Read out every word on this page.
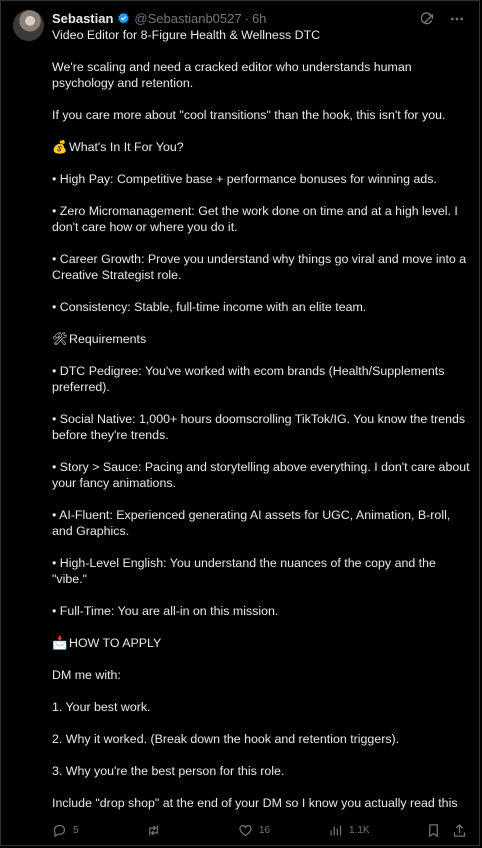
Sebastian @Sebastianb0527 · 6h

Video Editor for 8-Figure Health & Wellness DTC

We're scaling and need a cracked editor who understands human psychology and retention.

If you care more about "cool transitions" than the hook, this isn't for you.

💰 What's In It For You?

• High Pay: Competitive base + performance bonuses for winning ads.

• Zero Micromanagement: Get the work done on time and at a high level. I don't care how or where you do it.

• Career Growth: Prove you understand why things go viral and move into a Creative Strategist role.

• Consistency: Stable, full-time income with an elite team.

🛠Requirements

• DTC Pedigree: You've worked with ecom brands (Health/Supplements preferred).

• Social Native: 1,000+ hours doomscrolling TikTok/IG. You know the trends before they're trends.

• Story > Sauce: Pacing and storytelling above everything. I don't care about your fancy animations.

• AI-Fluent: Experienced generating AI assets for UGC, Animation, B-roll, and Graphics.

• High-Level English: You understand the nuances of the copy and the "vibe."

• Full-Time: You are all-in on this mission.

📩 HOW TO APPLY

DM me with:

1. Your best work.

2. Why it worked. (Break down the hook and retention triggers).

3. Why you're the best person for this role.

Include "drop shop" at the end of your DM so I know you actually read this

5	16	1.1K
